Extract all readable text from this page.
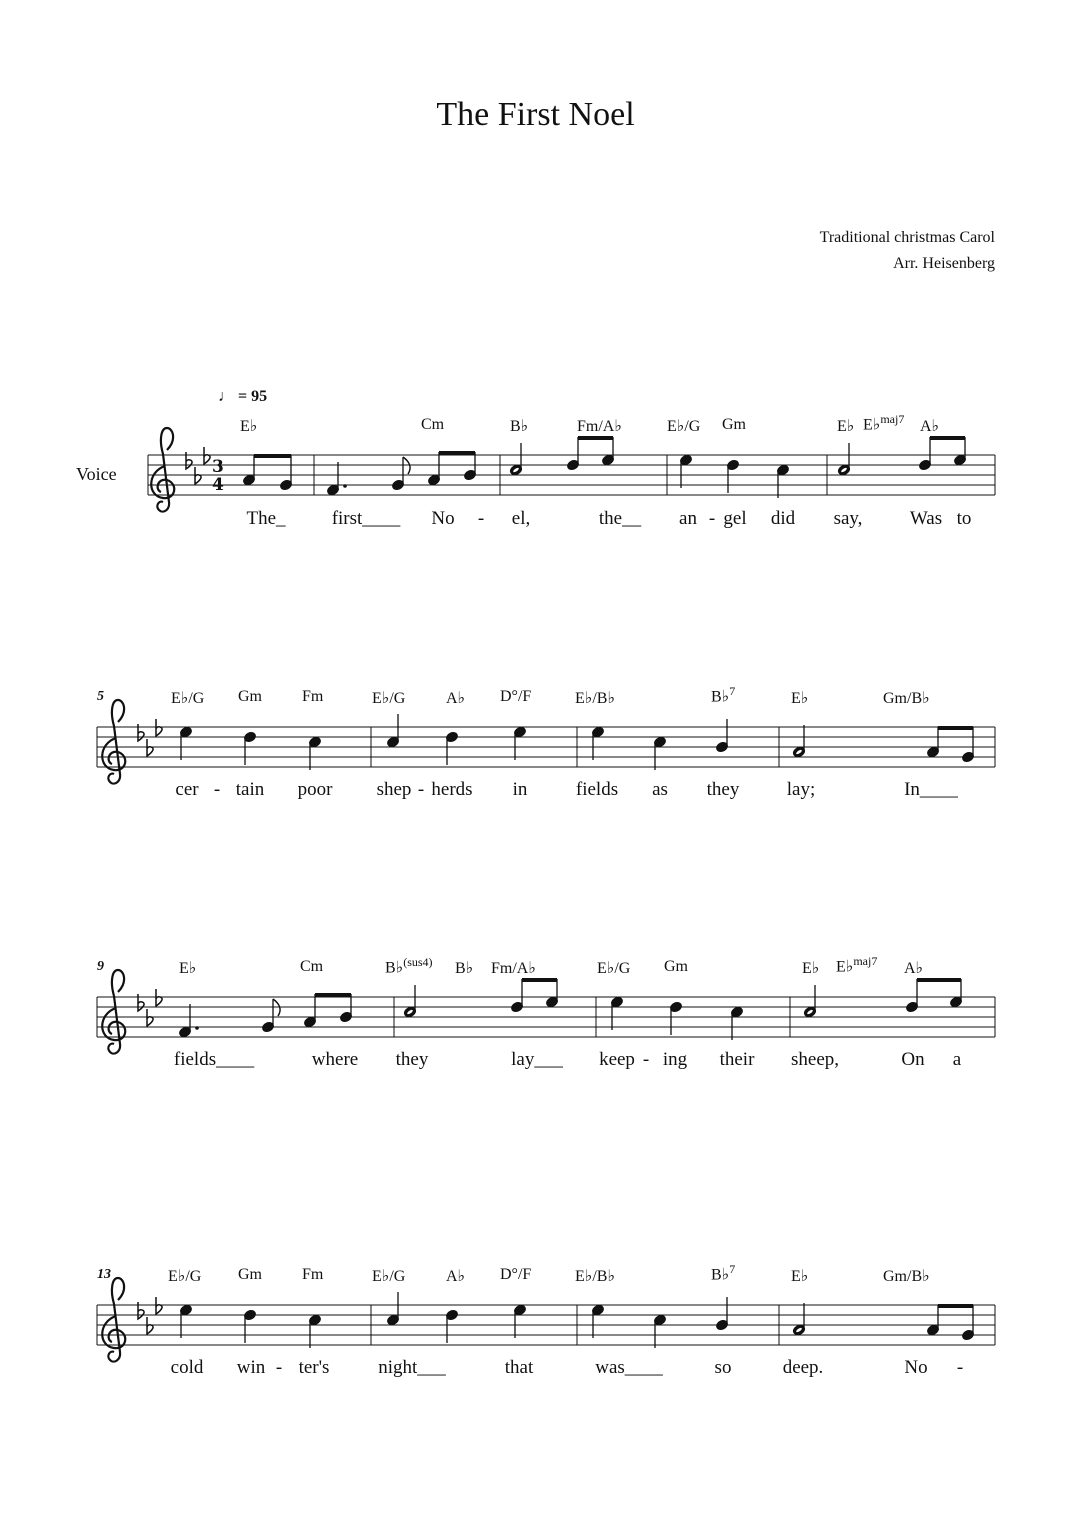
The First Noel
Traditional christmas Carol
Arr. Heisenberg
♩ = 95
Voice
5
9
13
E♭	Cm	B♭	Fm/A♭	E♭/G Gm	E♭ E♭$^{maj7}$ A♭
E♭/G Gm	Fm	E♭/G	A♭ D°/F	E♭/B♭	B♭$^7$	E♭	Gm/B♭
E♭	Cm	B♭$^{(sus4)}$ B♭ Fm/A♭	E♭/G Gm	E♭ E♭$^{maj7}$ A♭
E♭/G Gm	Fm	E♭/G	A♭ D°/F	E♭/B♭	B♭$^7$	E♭	Gm/B♭
The_ first____ No - el,	the__ an - gel did say, Was to
cer - tain poor shep - herds in	fields as they lay;	In____
fields____	where they	lay___ keep - ing their sheep,	On a
cold win - ter's	night___	that	was____	so	deep.	No -
3
4
